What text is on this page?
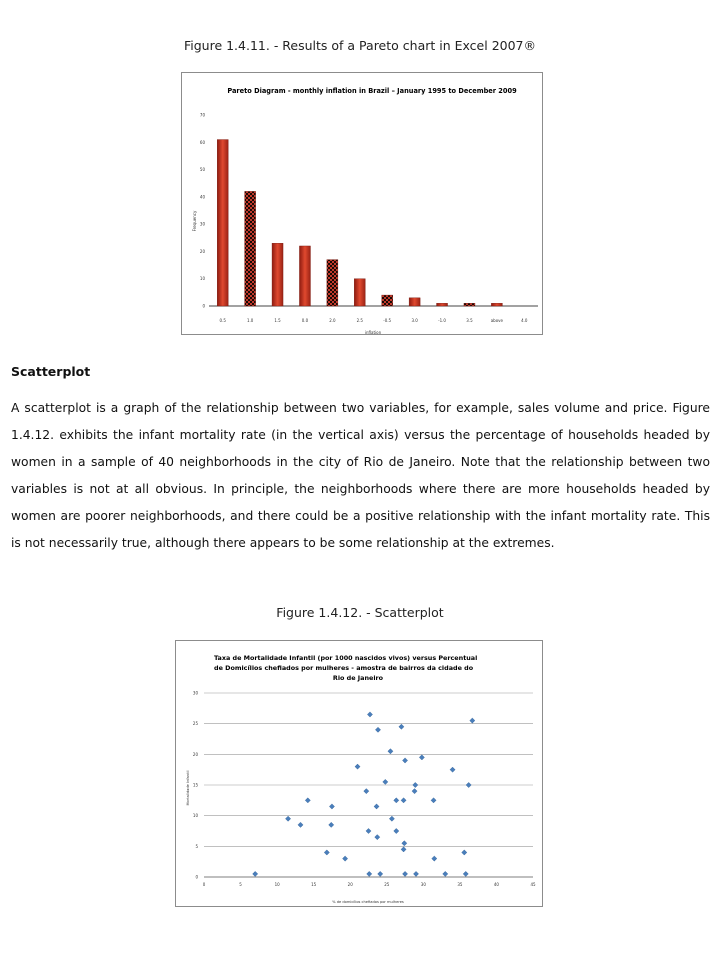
Figure 1.4.11. - Results of a Pareto chart in Excel 2007®
Pareto Diagram - monthly inflation in Brazil – January 1995 to December 2009
Frequency
inflation
0
10
20
30
40
50
60
70
0.5	1.0	1.5	0.0	2.0	2.5	-0.5	3.0	-1.0	3.5	above	4.0
Scatterplot

A scatterplot is a graph of the relationship between two variables, for example, sales volume and price. Figure 1.4.12. exhibits the infant mortality rate (in the vertical axis) versus the percentage of households headed by women in a sample of 40 neighborhoods in the city of Rio de Janeiro. Note that the relationship between two variables is not at all obvious. In principle, the neighborhoods where there are more households headed by women are poorer neighborhoods, and there could be a positive relationship with the infant mortality rate. This is not necessarily true, although there appears to be some relationship at the extremes.

Figure 1.4.12. - Scatterplot
Taxa de Mortalidade Infantil (por 1000 nascidos vivos) versus Percentual
de Domicílios chefiados por mulheres - amostra de bairros da cidade do
Rio de Janeiro
Mortalidade Infantil
% de domicílios chefiados por mulheres
0
5
10
15
20
25
30
0	5	10	15	20	25	30	35	40	45
